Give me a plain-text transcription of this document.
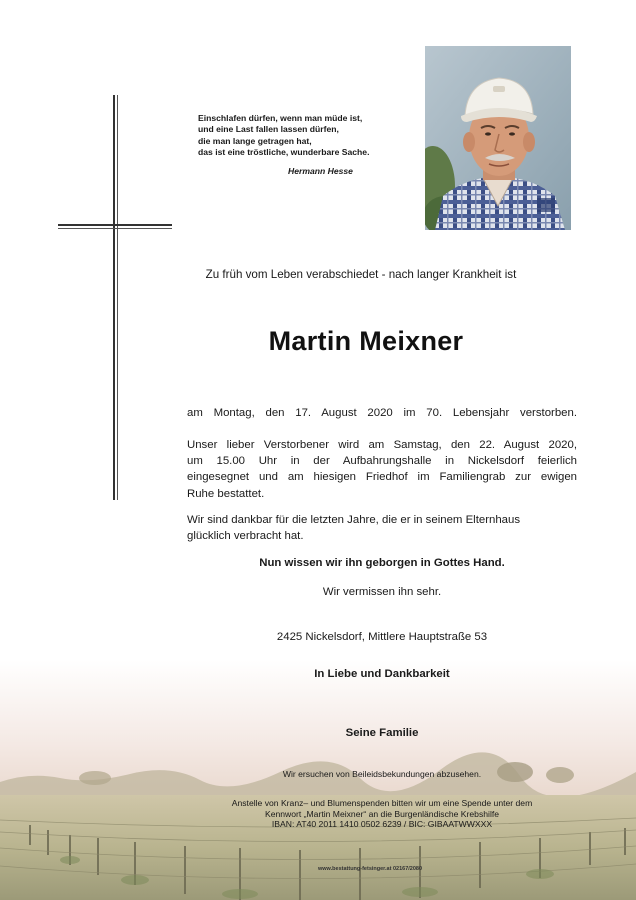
Einschlafen dürfen, wenn man müde ist,

und eine Last fallen lassen dürfen,

die man lange getragen hat,

das ist eine tröstliche, wunderbare Sache.

Hermann Hesse
Zu früh vom Leben verabschiedet - nach langer Krankheit ist
Martin Meixner
am Montag, den 17. August 2020 im 70. Lebensjahr verstorben.
Unser lieber Verstorbener wird am Samstag, den 22. August 2020,
um 15.00 Uhr in der Aufbahrungshalle in Nickelsdorf feierlich
eingesegnet und am hiesigen Friedhof im Familiengrab zur ewigen
Ruhe bestattet.
Wir sind dankbar für die letzten Jahre, die er in seinem Elternhaus
glücklich verbracht hat.
Nun wissen wir ihn geborgen in Gottes Hand.
Wir vermissen ihn sehr.
2425 Nickelsdorf, Mittlere Hauptstraße 53
In Liebe und Dankbarkeit
Seine Familie
Wir ersuchen von Beileidsbekundungen abzusehen.
Anstelle von Kranz– und Blumenspenden bitten wir um eine Spende unter dem
Kennwort „Martin Meixner“ an die Burgenländische Krebshilfe
IBAN: AT40 2011 1410 0502 6239 / BIC: GIBAATWWXXX
www.bestattung-fetsinger.at 02167/2080
